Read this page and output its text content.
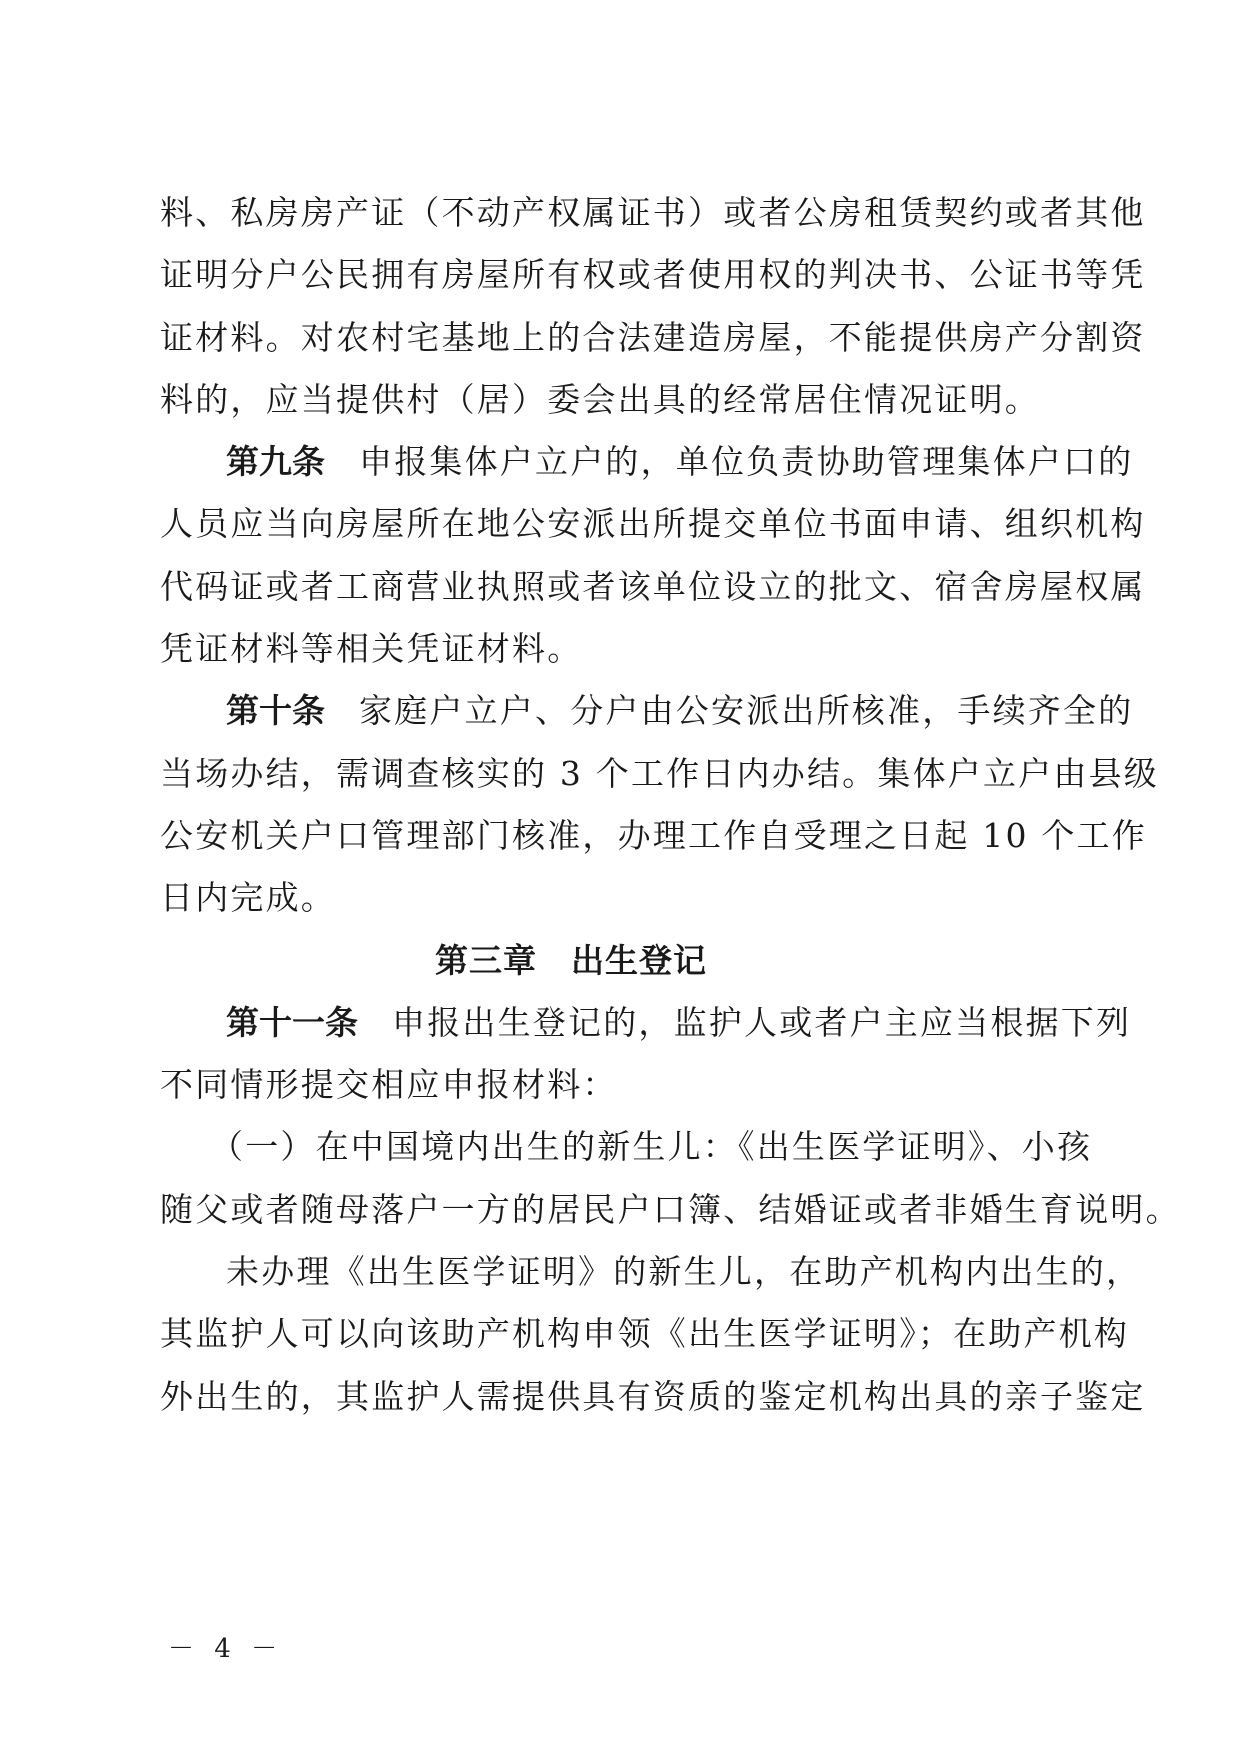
料、私房房产证（不动产权属证书）或者公房租赁契约或者其他
证明分户公民拥有房屋所有权或者使用权的判决书、公证书等凭
证材料。对农村宅基地上的合法建造房屋，不能提供房产分割资
料的，应当提供村（居）委会出具的经常居住情况证明。
第九条 申报集体户立户的，单位负责协助管理集体户口的
人员应当向房屋所在地公安派出所提交单位书面申请、组织机构
代码证或者工商营业执照或者该单位设立的批文、宿舍房屋权属
凭证材料等相关凭证材料。
第十条 家庭户立户、分户由公安派出所核准，手续齐全的
当场办结，需调查核实的 3 个工作日内办结。集体户立户由县级
公安机关户口管理部门核准，办理工作自受理之日起 10 个工作
日内完成。
第三章 出生登记
第十一条 申报出生登记的，监护人或者户主应当根据下列
不同情形提交相应申报材料：
（一）在中国境内出生的新生儿：《出生医学证明》、小孩
随父或者随母落户一方的居民户口簿、结婚证或者非婚生育说明。
未办理《出生医学证明》的新生儿，在助产机构内出生的，
其监护人可以向该助产机构申领《出生医学证明》；在助产机构
外出生的，其监护人需提供具有资质的鉴定机构出具的亲子鉴定
－ 4 －
